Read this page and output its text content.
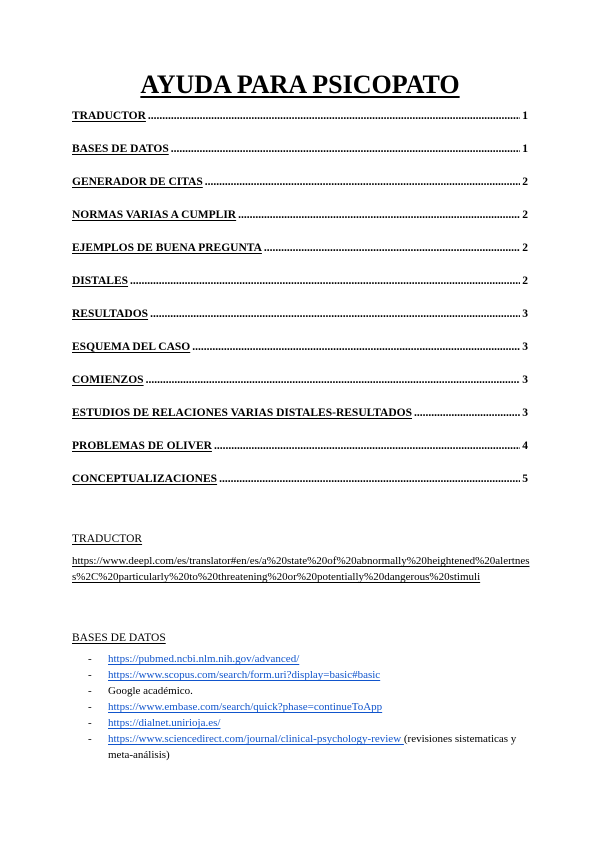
AYUDA PARA PSICOPATO
TRADUCTOR .....	1
BASES DE DATOS .....	1
GENERADOR DE CITAS .....	2
NORMAS VARIAS A CUMPLIR .....	2
EJEMPLOS DE BUENA PREGUNTA .....	2
DISTALES .....	2
RESULTADOS .....	3
ESQUEMA DEL CASO .....	3
COMIENZOS .....	3
ESTUDIOS DE RELACIONES VARIAS DISTALES-RESULTADOS .....	3
PROBLEMAS DE OLIVER .....	4
CONCEPTUALIZACIONES .....	5
TRADUCTOR

https://www.deepl.com/es/translator#en/es/a%20state%20of%20abnormally%20heightened%20alertness%2C%20particularly%20to%20threatening%20or%20potentially%20dangerous%20stimuli

BASES DE DATOS
- https://pubmed.ncbi.nlm.nih.gov/advanced/
- https://www.scopus.com/search/form.uri?display=basic#basic
- Google académico.
- https://www.embase.com/search/quick?phase=continueToApp
- https://dialnet.unirioja.es/
- https://www.sciencedirect.com/journal/clinical-psychology-review (revisiones sistematicas y meta-análisis)
